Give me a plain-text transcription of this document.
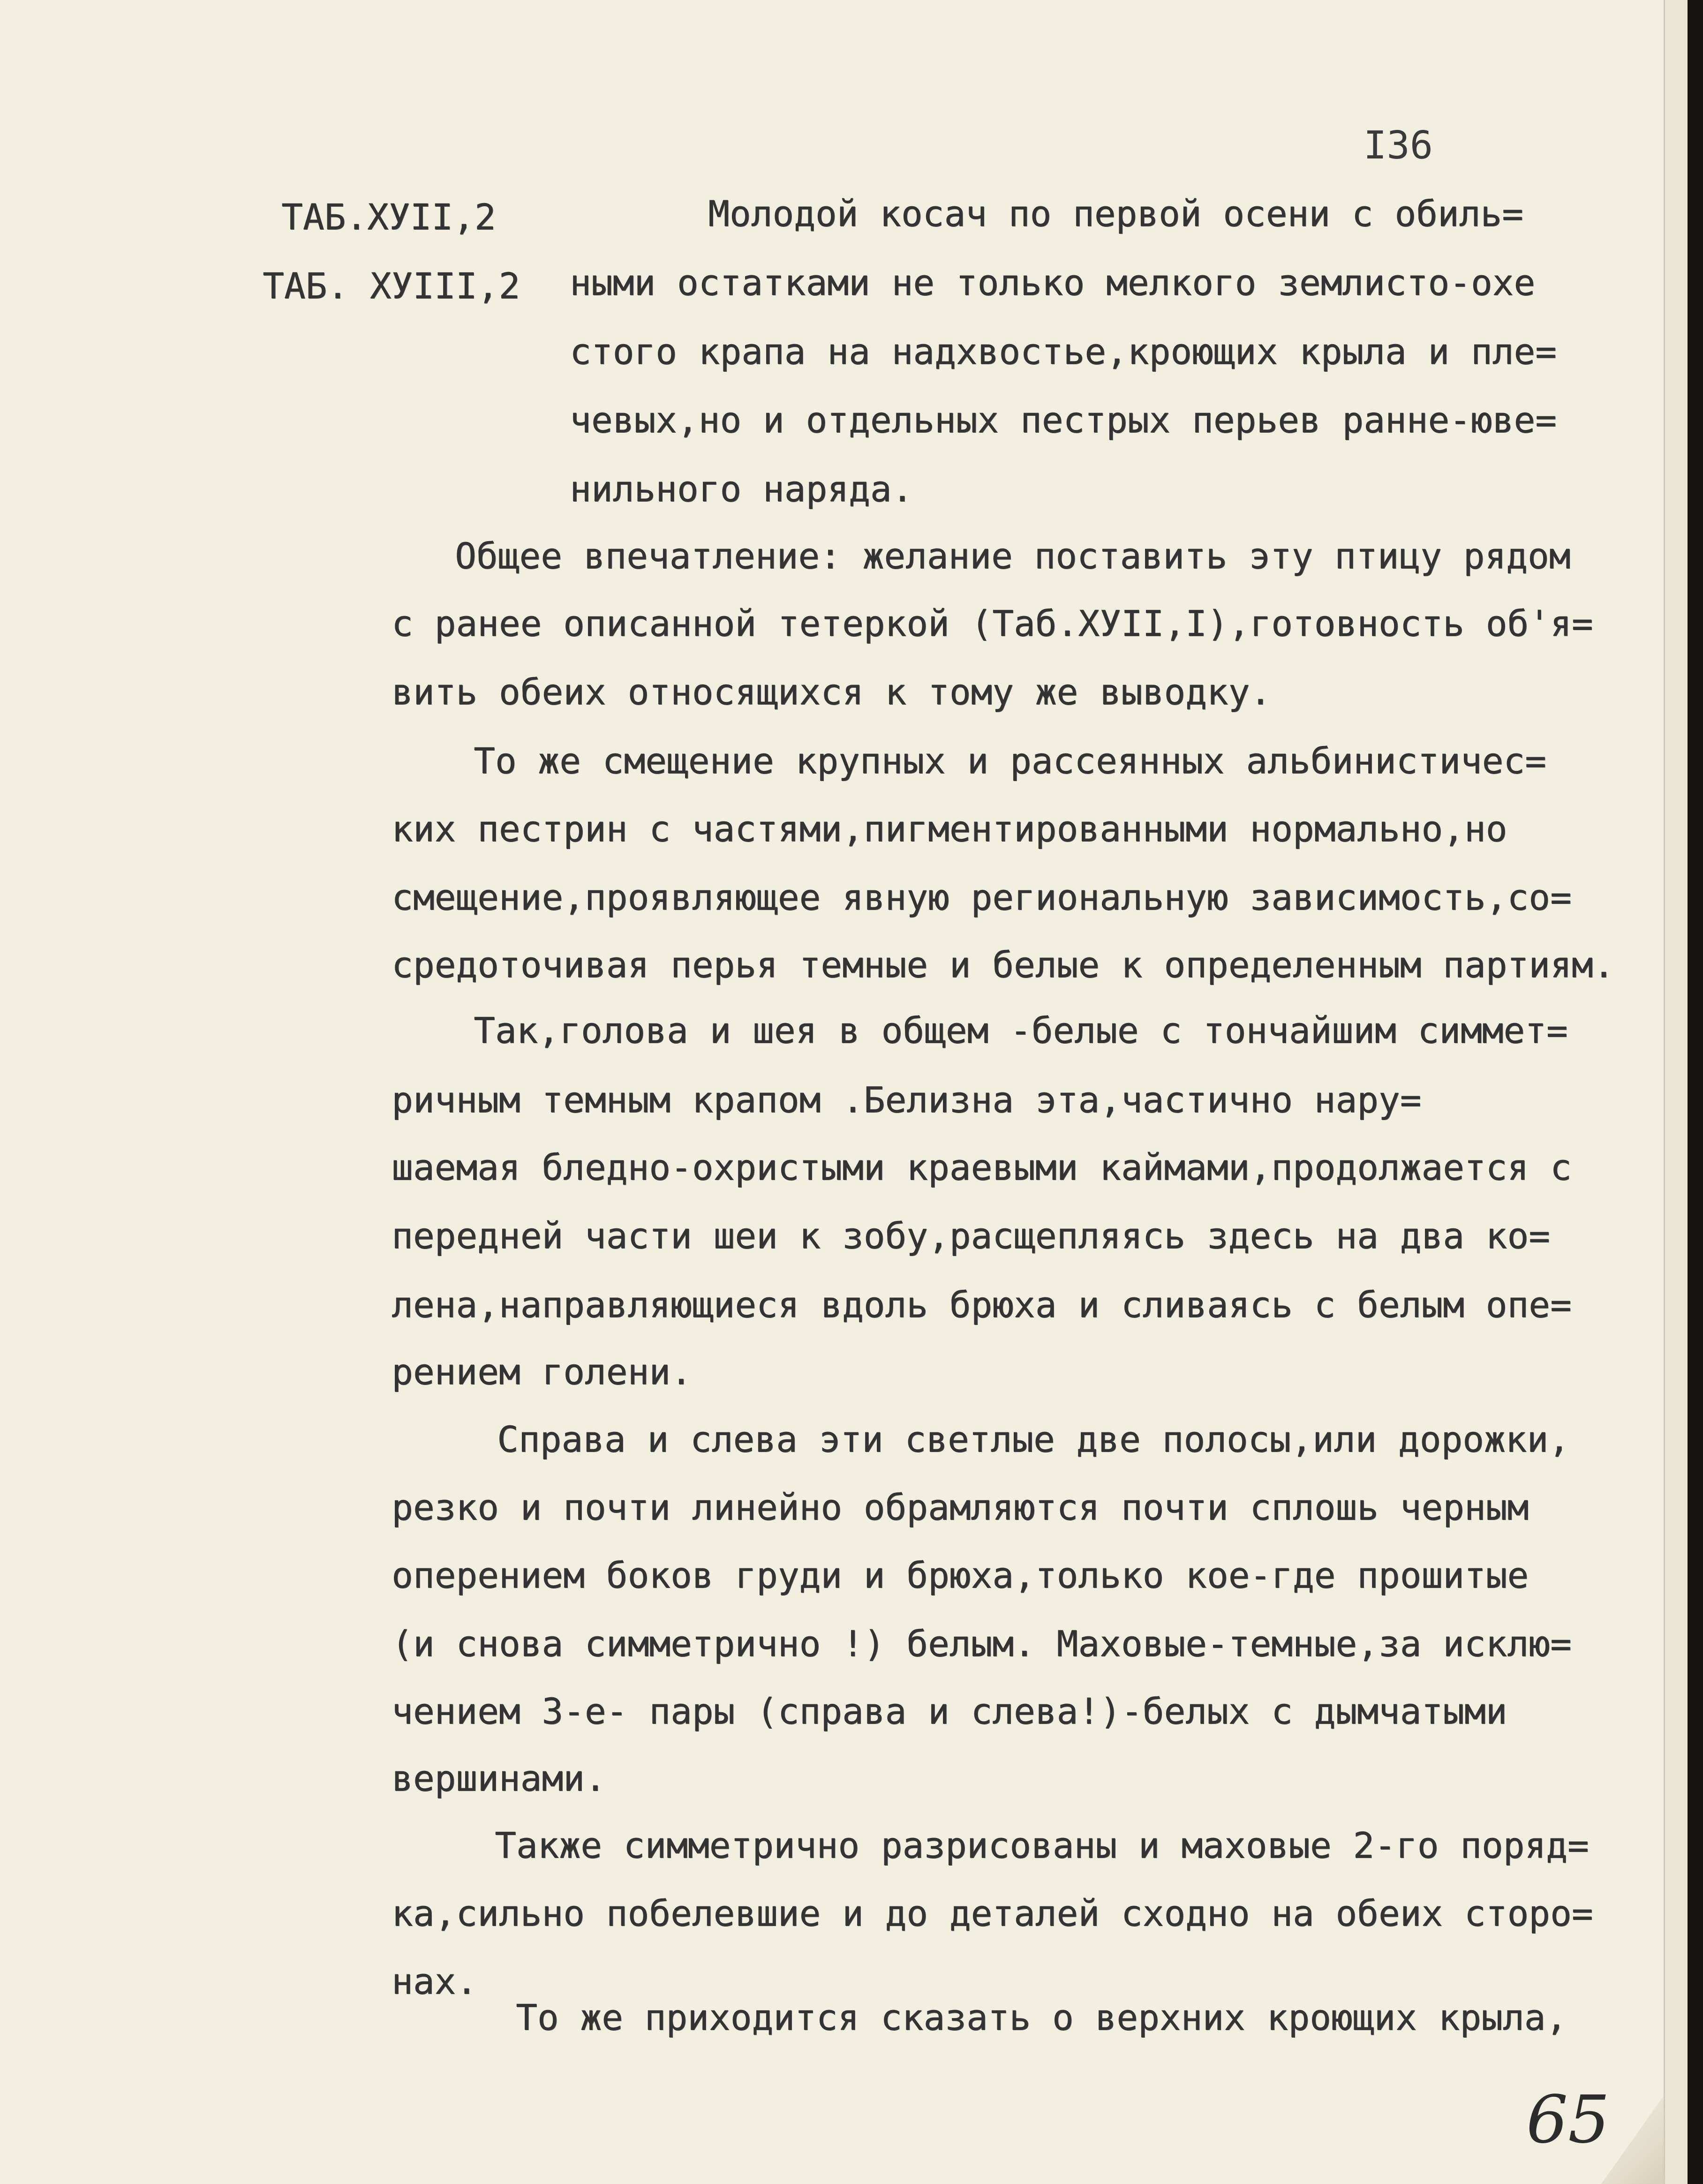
I36
ТАБ.ХУII,2
ТАБ. ХУIII,2

Молодой косач по первой осени с обиль=

ными остатками не только мелкого землисто-охе

стого крапа на надхвостье,кроющих крыла и пле=

чевых,но и отдельных пестрых перьев ранне-юве=

нильного наряда.

Общее впечатление: желание поставить эту птицу рядом

с ранее описанной тетеркой (Таб.ХУII,I),готовность об'я=

вить обеих относящихся к тому же выводку.

То же смещение крупных и рассеянных альбинистичес=

ких пестрин с частями,пигментированными нормально,но

смещение,проявляющее явную региональную зависимость,со=

средоточивая перья темные и белые к определенным партиям.

Так,голова и шея в общем -белые с тончайшим симмет=

ричным темным крапом .Белизна эта,частично нару=

шаемая бледно-охристыми краевыми каймами,продолжается с

передней части шеи к зобу,расщепляясь здесь на два ко=

лена,направляющиеся вдоль брюха и сливаясь с белым опе=

рением голени.

Справа и слева эти светлые две полосы,или дорожки,

резко и почти линейно обрамляются почти сплошь черным

оперением боков груди и брюха,только кое-где прошитые

(и снова симметрично !) белым. Маховые-темные,за исклю=

чением 3-е- пары (справа и слева!)-белых с дымчатыми

вершинами.

Также симметрично разрисованы и маховые 2-го поряд=

ка,сильно побелевшие и до деталей сходно на обеих сторо=

нах.

То же приходится сказать о верхних кроющих крыла,

65
